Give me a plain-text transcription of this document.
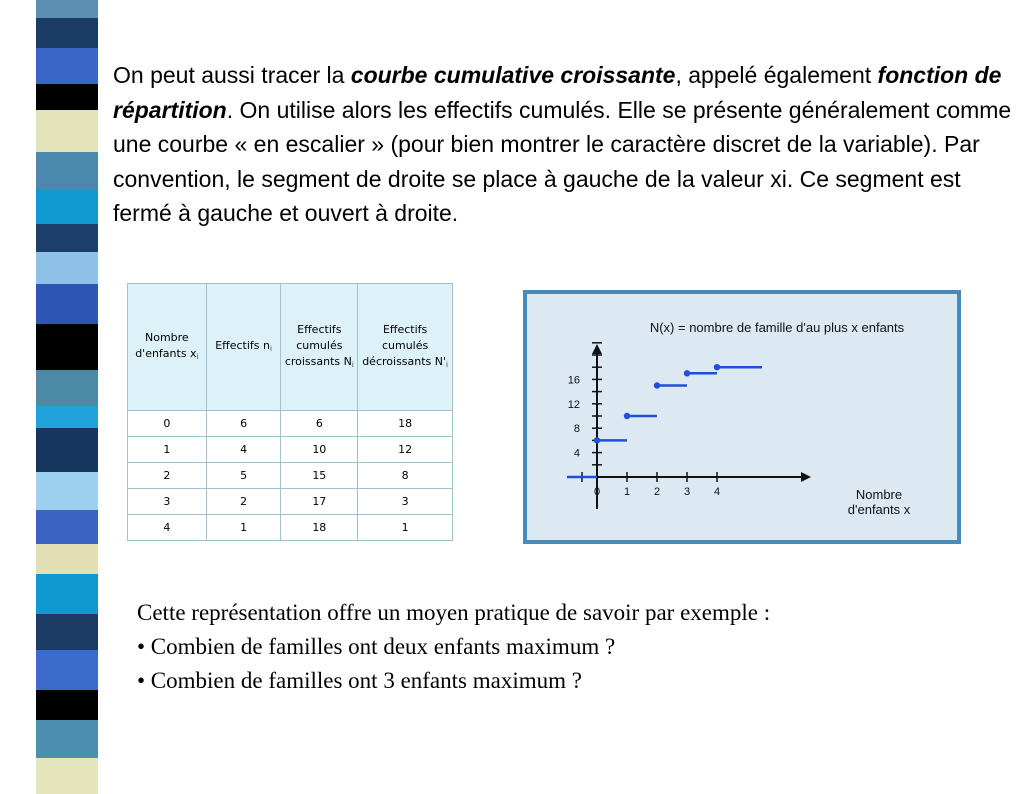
On peut aussi tracer la courbe cumulative croissante, appelé également fonction de répartition. On utilise alors les effectifs cumulés. Elle se présente généralement comme une courbe « en escalier » (pour bien montrer le caractère discret de la variable). Par convention, le segment de droite se place à gauche de la valeur xi. Ce segment est fermé à gauche et ouvert à droite.
Nombre d'enfants $x_i$	Effectifs $n_i$	Effectifs cumulés croissants $N_i$	Effectifs cumulés décroissants $N'_i$
0	6	6	18
1	4	10	12
2	5	15	8
3	2	17	3
4	1	18	1
N(x) = nombre de famille d'au plus x enfants
4
8
12
16
0 1 2 3 4	Nombre
d'enfants x
Cette représentation offre un moyen pratique de savoir par exemple :
• Combien de familles ont deux enfants maximum ?
• Combien de familles ont 3 enfants maximum ?
